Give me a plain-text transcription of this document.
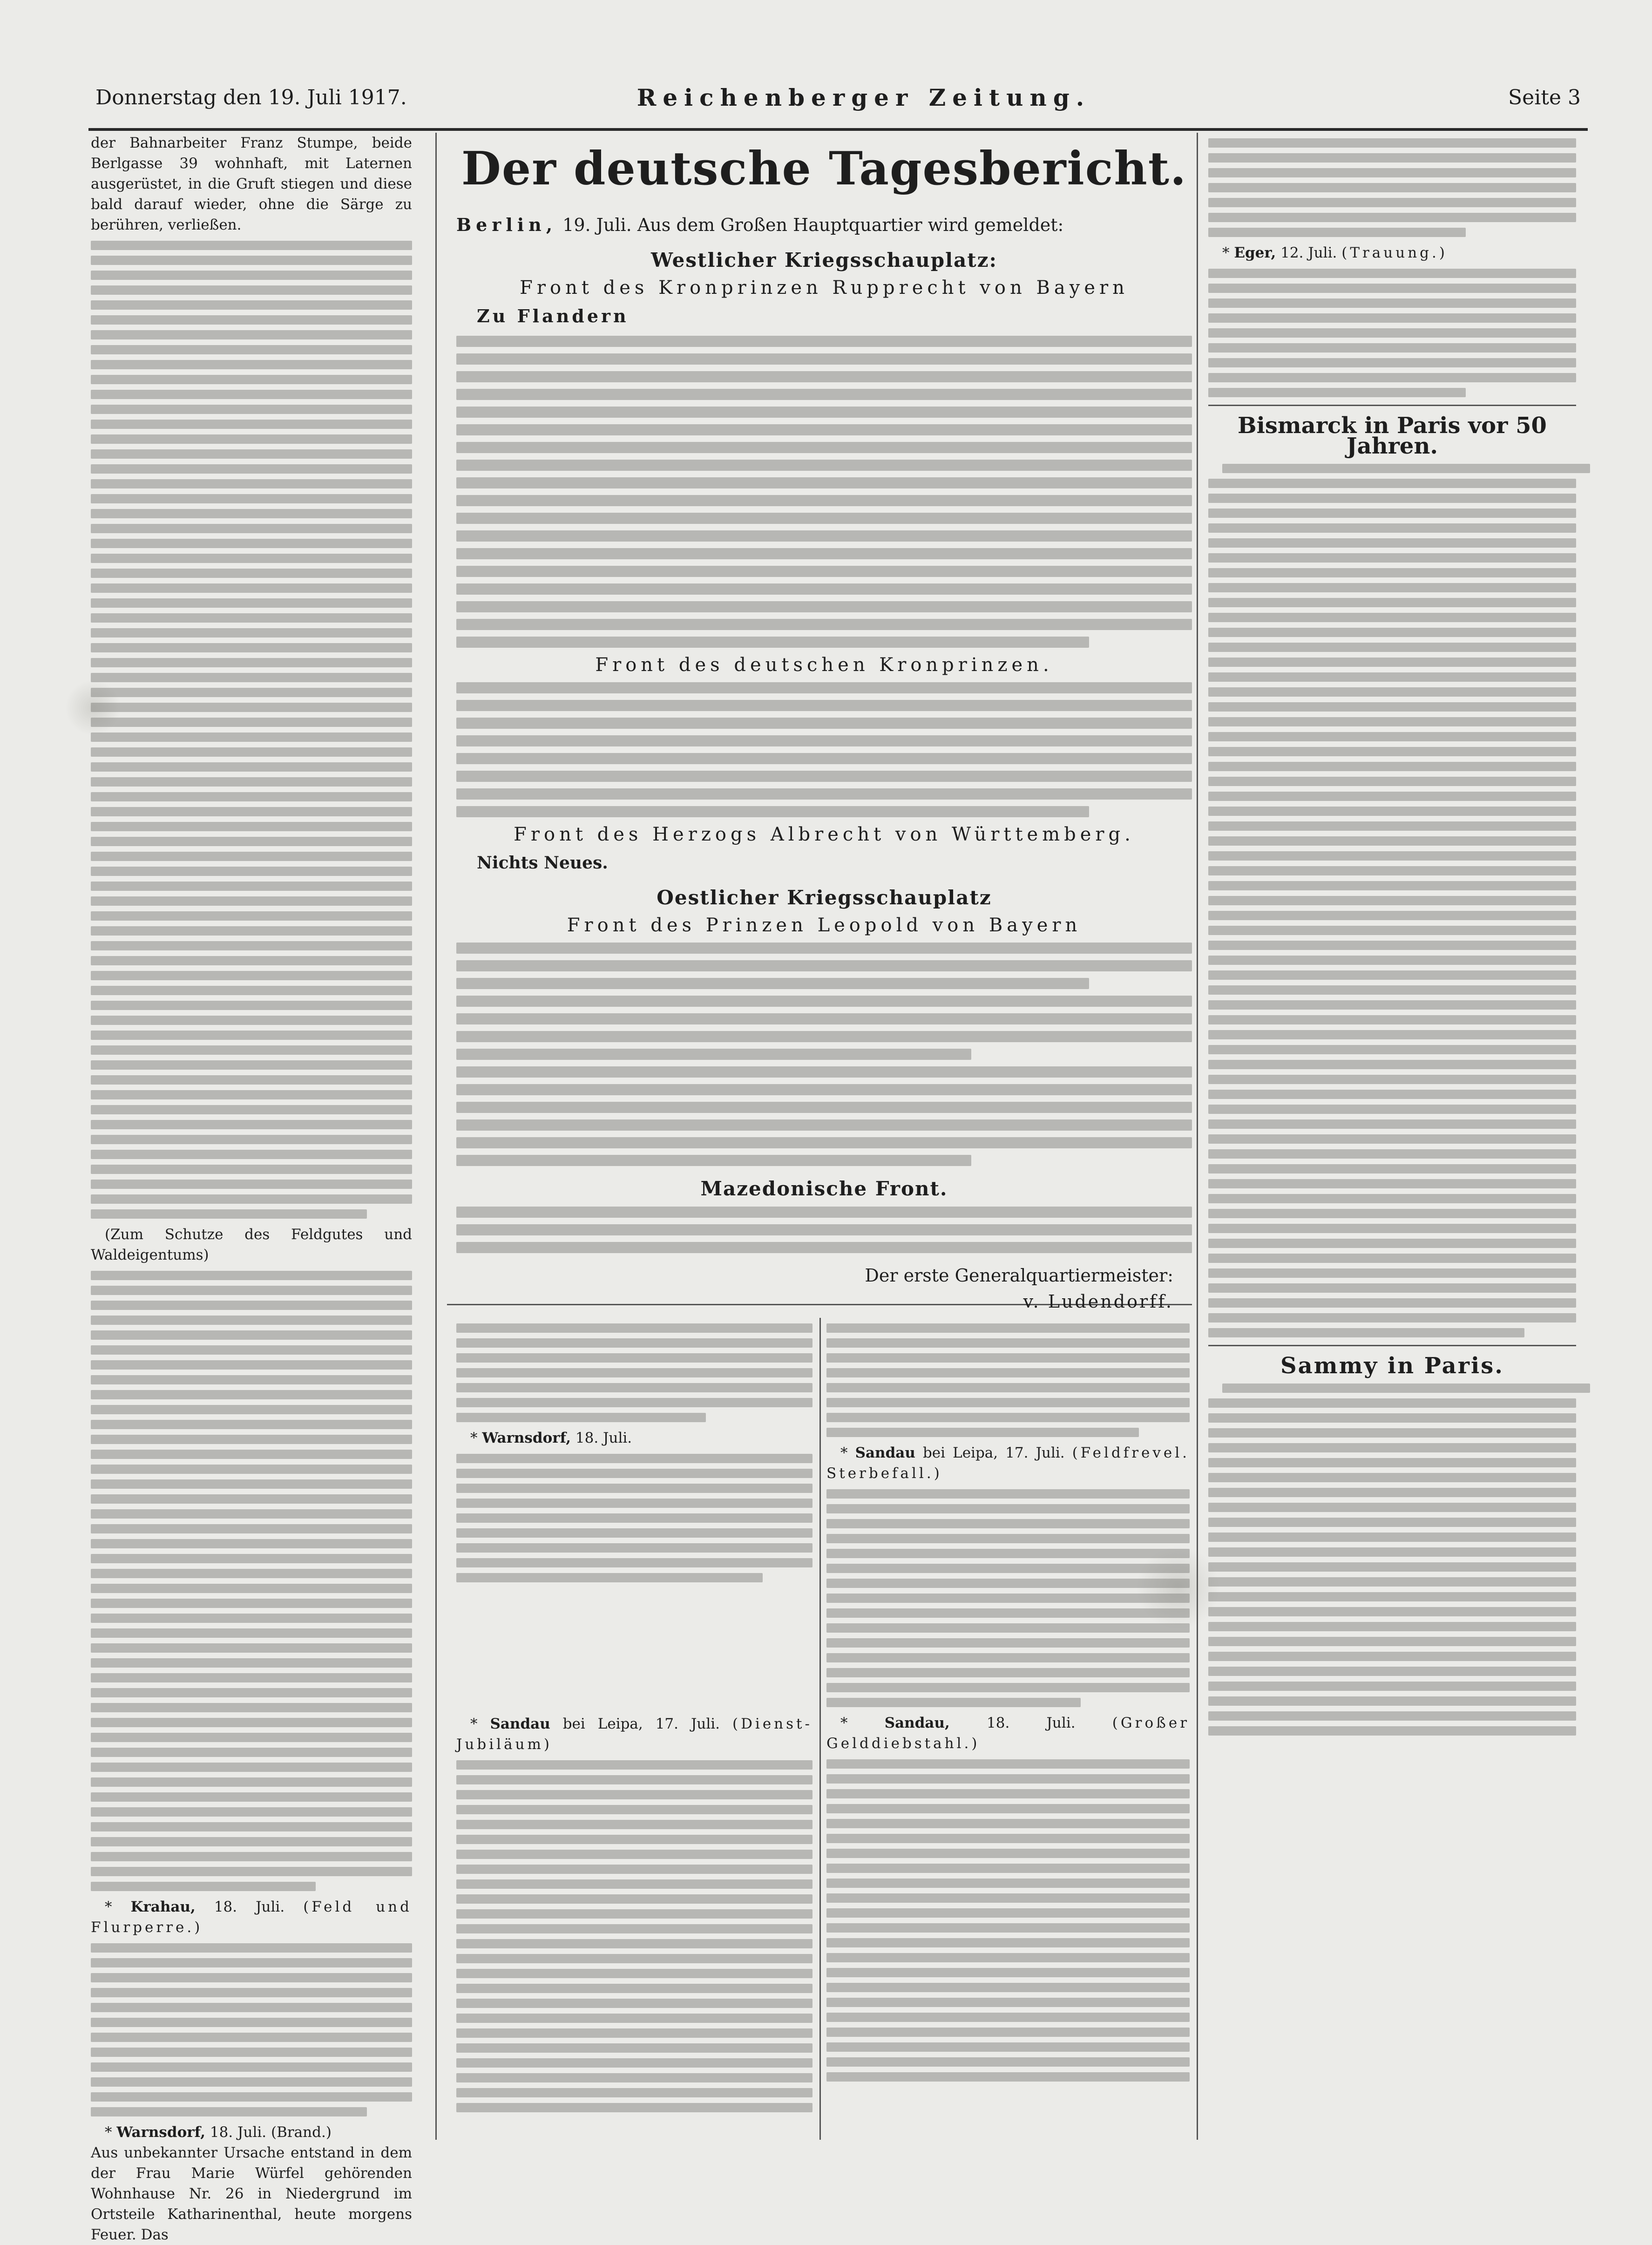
Donnerstag den 19. Juli 1917.	Reichenberger Zeitung.	Seite 3

der Bahnarbeiter Franz Stumpe, beide Berlgasse 39 wohnhaft, mit Laternen ausgerüstet, in die Gruft stiegen und diese bald darauf wieder, ohne die Särge zu berühren, verließen.

(Zum Schutze des Feldgutes und Waldeigentums)

* Krahau, 18. Juli. (Feld und Flurperre.)

* Warnsdorf, 18. Juli. (Brand.)

Aus unbekannter Ursache entstand in dem der Frau Marie Würfel gehörenden Wohnhause Nr. 26 in Niedergrund im Ortsteile Katharinenthal, heute morgens Feuer. Das

Der deutsche Tagesbericht.
Berlin, 19. Juli. Aus dem Großen Hauptquartier wird gemeldet:
Westlicher Kriegsschauplatz:
Front des Kronprinzen Rupprecht von Bayern

Zu Flandern

Front des deutschen Kronprinzen.
Front des Herzogs Albrecht von Württemberg.

Nichts Neues.

Oestlicher Kriegsschauplatz
Front des Prinzen Leopold von Bayern
Mazedonische Front.
Der erste Generalquartiermeister:
v. Ludendorff.

* Warnsdorf, 18. Juli.

* Sandau bei Leipa, 17. Juli. (Dienst-Jubiläum)

* Sandau bei Leipa, 17. Juli. (Feldfrevel. Sterbefall.)

* Sandau,	18. Juli.	(Großer Gelddiebstahl.)

* Eger, 12. Juli. (Trauung.)

Bismarck in Paris vor 50 Jahren.
Sammy in Paris.
